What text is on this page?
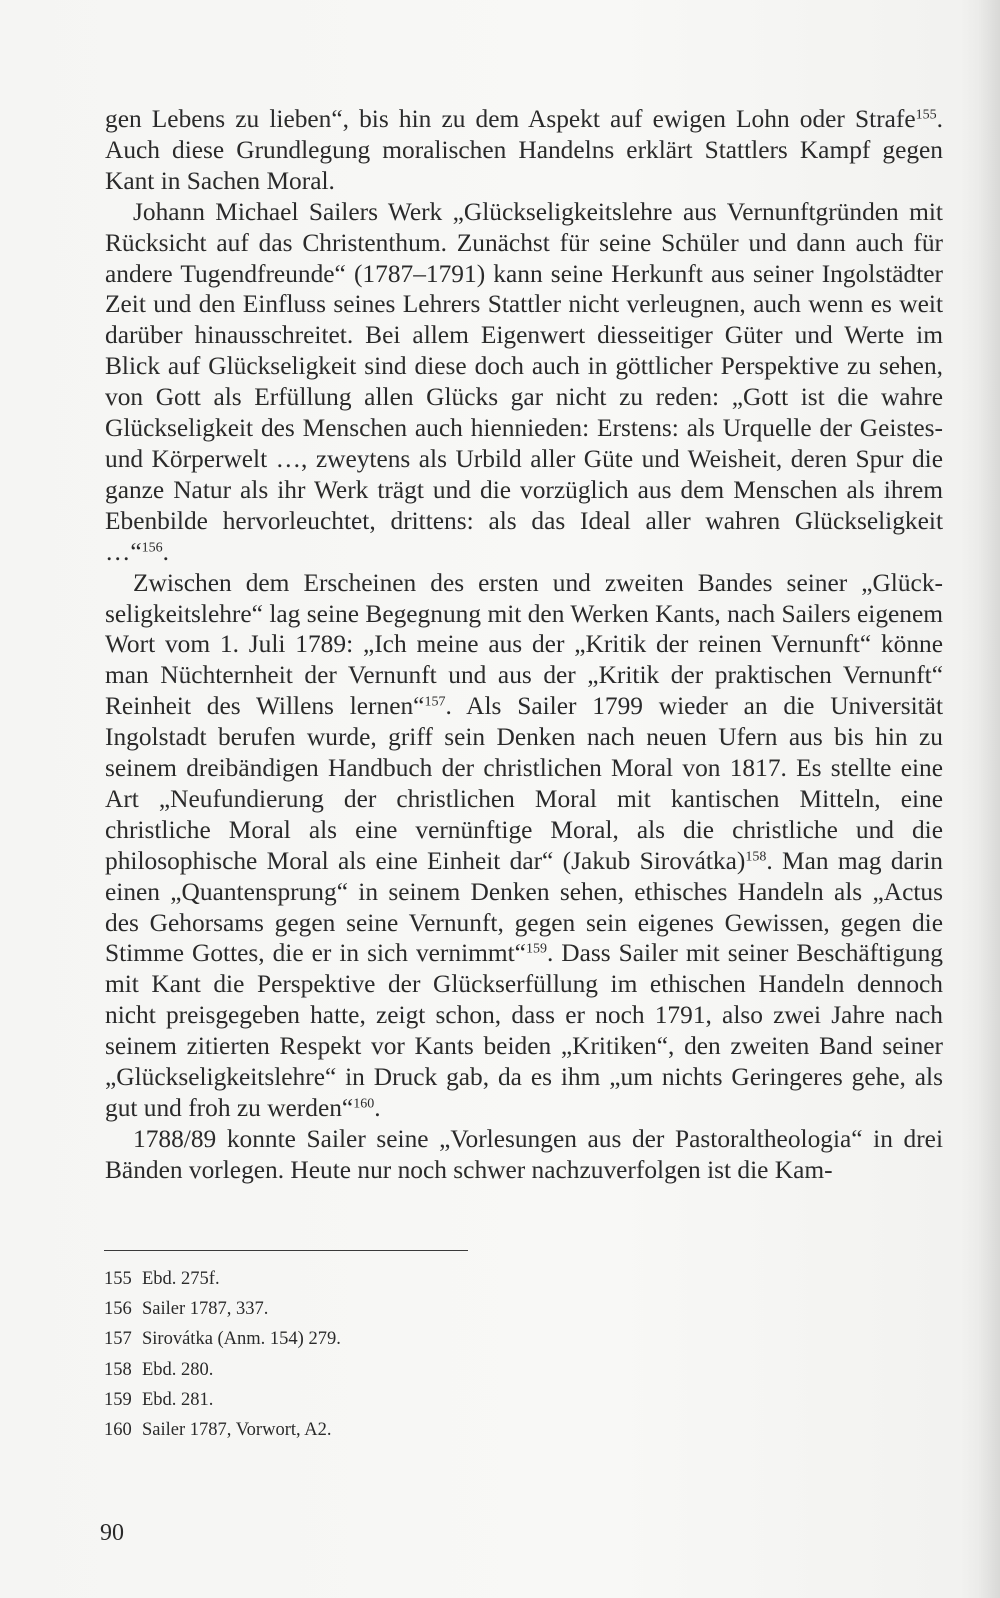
gen Lebens zu lieben“, bis hin zu dem Aspekt auf ewigen Lohn oder Strafe$^{155}$. Auch diese Grundlegung moralischen Handelns erklärt Stattlers Kampf gegen Kant in Sachen Moral.

Johann Michael Sailers Werk „Glückseligkeitslehre aus Vernunftgründen mit Rücksicht auf das Christenthum. Zunächst für seine Schüler und dann auch für andere Tugendfreunde“ (1787–1791) kann seine Herkunft aus seiner Ingolstädter Zeit und den Einfluss seines Lehrers Stattler nicht verleugnen, auch wenn es weit darüber hinausschreitet. Bei allem Eigenwert diesseitiger Güter und Werte im Blick auf Glückseligkeit sind diese doch auch in göttlicher Perspektive zu sehen, von Gott als Erfüllung allen Glücks gar nicht zu reden: „Gott ist die wahre Glückseligkeit des Menschen auch hiennieden: Erstens: als Urquelle der Geistes- und Körperwelt …, zweytens als Urbild aller Güte und Weisheit, deren Spur die ganze Natur als ihr Werk trägt und die vorzüglich aus dem Menschen als ihrem Ebenbilde hervorleuchtet, drittens: als das Ideal aller wahren Glückseligkeit …“$^{156}$.

Zwischen dem Erscheinen des ersten und zweiten Bandes seiner „Glückseligkeitslehre“ lag seine Begegnung mit den Werken Kants, nach Sailers eigenem Wort vom 1. Juli 1789: „Ich meine aus der „Kritik der reinen Vernunft“ könne man Nüchternheit der Vernunft und aus der „Kritik der praktischen Vernunft“ Reinheit des Willens lernen“$^{157}$. Als Sailer 1799 wieder an die Universität Ingolstadt berufen wurde, griff sein Denken nach neuen Ufern aus bis hin zu seinem dreibändigen Handbuch der christlichen Moral von 1817. Es stellte eine Art „Neufundierung der christlichen Moral mit kantischen Mitteln, eine christliche Moral als eine vernünftige Moral, als die christliche und die philosophische Moral als eine Einheit dar“ (Jakub Sirovátka)$^{158}$. Man mag darin einen „Quantensprung“ in seinem Denken sehen, ethisches Handeln als „Actus des Gehorsams gegen seine Vernunft, gegen sein eigenes Gewissen, gegen die Stimme Gottes, die er in sich vernimmt“$^{159}$. Dass Sailer mit seiner Beschäftigung mit Kant die Perspektive der Glückserfüllung im ethischen Handeln dennoch nicht preisgegeben hatte, zeigt schon, dass er noch 1791, also zwei Jahre nach seinem zitierten Respekt vor Kants beiden „Kritiken“, den zweiten Band seiner „Glückseligkeitslehre“ in Druck gab, da es ihm „um nichts Geringeres gehe, als gut und froh zu werden“$^{160}$.

1788/89 konnte Sailer seine „Vorlesungen aus der Pastoraltheologia“ in drei Bänden vorlegen. Heute nur noch schwer nachzuverfolgen ist die Kam-

155 Ebd. 275f.

156 Sailer 1787, 337.

157 Sirovátka (Anm. 154) 279.

158 Ebd. 280.

159 Ebd. 281.

160 Sailer 1787, Vorwort, A2.

90
